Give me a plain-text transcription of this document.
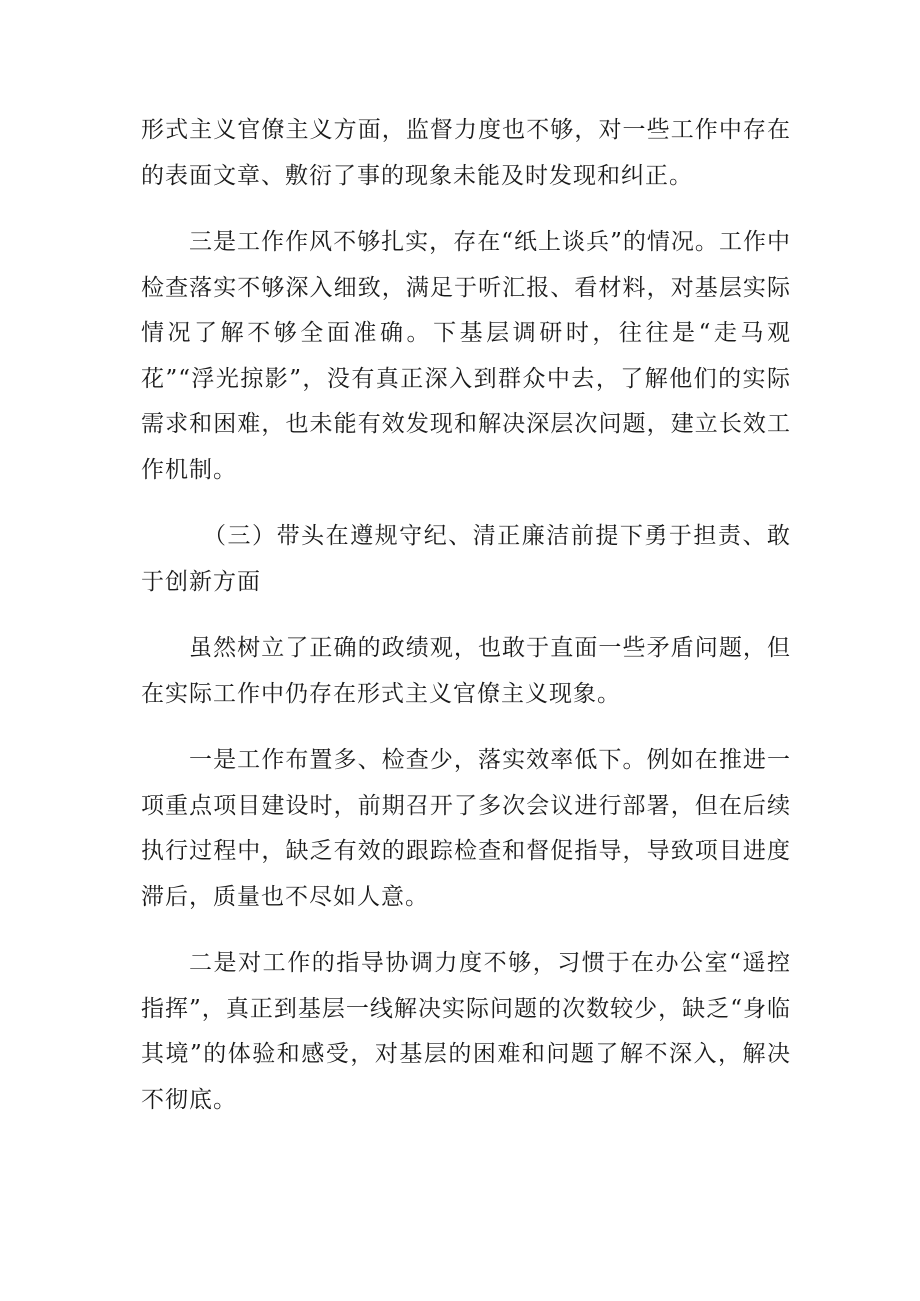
形式主义官僚主义方面，监督力度也不够，对一些工作中存在的表面文章、敷衍了事的现象未能及时发现和纠正。

三是工作作风不够扎实，存在“纸上谈兵”的情况。工作中检查落实不够深入细致，满足于听汇报、看材料，对基层实际情况了解不够全面准确。下基层调研时，往往是“走马观花”“浮光掠影”，没有真正深入到群众中去，了解他们的实际需求和困难，也未能有效发现和解决深层次问题，建立长效工作机制。

（三）带头在遵规守纪、清正廉洁前提下勇于担责、敢于创新方面

虽然树立了正确的政绩观，也敢于直面一些矛盾问题，但在实际工作中仍存在形式主义官僚主义现象。

一是工作布置多、检查少，落实效率低下。例如在推进一项重点项目建设时，前期召开了多次会议进行部署，但在后续执行过程中，缺乏有效的跟踪检查和督促指导，导致项目进度滞后，质量也不尽如人意。

二是对工作的指导协调力度不够，习惯于在办公室“遥控指挥”，真正到基层一线解决实际问题的次数较少，缺乏“身临其境”的体验和感受，对基层的困难和问题了解不深入，解决不彻底。
